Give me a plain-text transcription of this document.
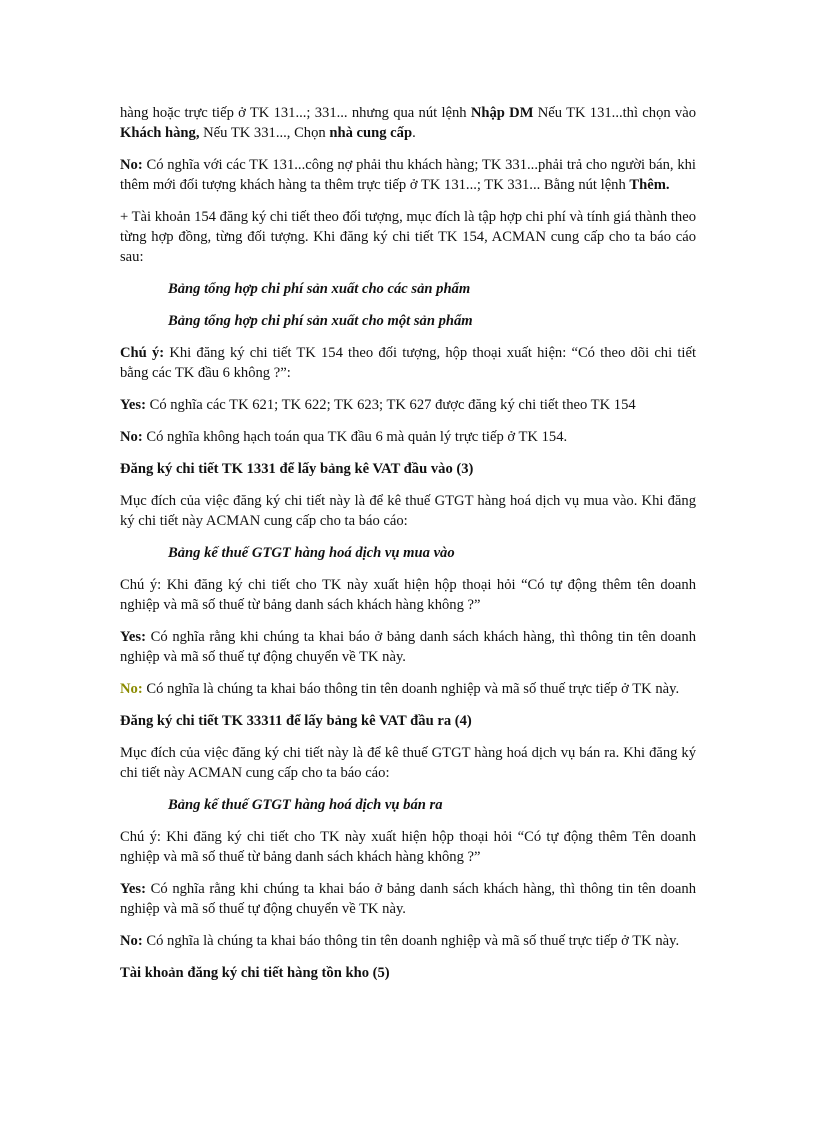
hàng hoặc trực tiếp ở TK 131...; 331... nhưng qua nút lệnh Nhập DM Nếu TK 131...thì chọn vào Khách hàng, Nếu TK 331..., Chọn nhà cung cấp.

No: Có nghĩa với các TK 131...công nợ phải thu khách hàng; TK 331...phải trả cho người bán, khi thêm mới đối tượng khách hàng ta thêm trực tiếp ở TK 131...; TK 331... Bằng nút lệnh Thêm.

+ Tài khoản 154 đăng ký chi tiết theo đối tượng, mục đích là tập hợp chi phí và tính giá thành theo từng hợp đồng, từng đối tượng. Khi đăng ký chi tiết TK 154, ACMAN cung cấp cho ta báo cáo sau:

Bảng tổng hợp chi phí sản xuất cho các sản phẩm

Bảng tổng hợp chi phí sản xuất cho một sản phẩm

Chú ý: Khi đăng ký chi tiết TK 154 theo đối tượng, hộp thoại xuất hiện: “Có theo dõi chi tiết bằng các TK đầu 6 không ?”:

Yes: Có nghĩa các TK 621; TK 622; TK 623; TK 627 được đăng ký chi tiết theo TK 154

No: Có nghĩa không hạch toán qua TK đầu 6 mà quản lý trực tiếp ở TK 154.

Đăng ký chi tiết TK 1331 để lấy bảng kê VAT đầu vào (3)

Mục đích của việc đăng ký chi tiết này là để kê thuế GTGT hàng hoá dịch vụ mua vào. Khi đăng ký chi tiết này ACMAN cung cấp cho ta báo cáo:

Bảng kế thuế GTGT hàng hoá dịch vụ mua vào

Chú ý: Khi đăng ký chi tiết cho TK này xuất hiện hộp thoại hỏi “Có tự động thêm tên doanh nghiệp và mã số thuế từ bảng danh sách khách hàng không ?”

Yes: Có nghĩa rằng khi chúng ta khai báo ở bảng danh sách khách hàng, thì thông tin tên doanh nghiệp và mã số thuế tự động chuyển về TK này.

No: Có nghĩa là chúng ta khai báo thông tin tên doanh nghiệp và mã số thuế trực tiếp ở TK này.

Đăng ký chi tiết TK 33311 để lấy bảng kê VAT đầu ra (4)

Mục đích của việc đăng ký chi tiết này là để kê thuế GTGT hàng hoá dịch vụ bán ra. Khi đăng ký chi tiết này ACMAN cung cấp cho ta báo cáo:

Bảng kế thuế GTGT hàng hoá dịch vụ bán ra

Chú ý: Khi đăng ký chi tiết cho TK này xuất hiện hộp thoại hỏi “Có tự động thêm Tên doanh nghiệp và mã số thuế từ bảng danh sách khách hàng không ?”

Yes: Có nghĩa rằng khi chúng ta khai báo ở bảng danh sách khách hàng, thì thông tin tên doanh nghiệp và mã số thuế tự động chuyển về TK này.

No: Có nghĩa là chúng ta khai báo thông tin tên doanh nghiệp và mã số thuế trực tiếp ở TK này.

Tài khoản đăng ký chi tiết hàng tồn kho (5)
